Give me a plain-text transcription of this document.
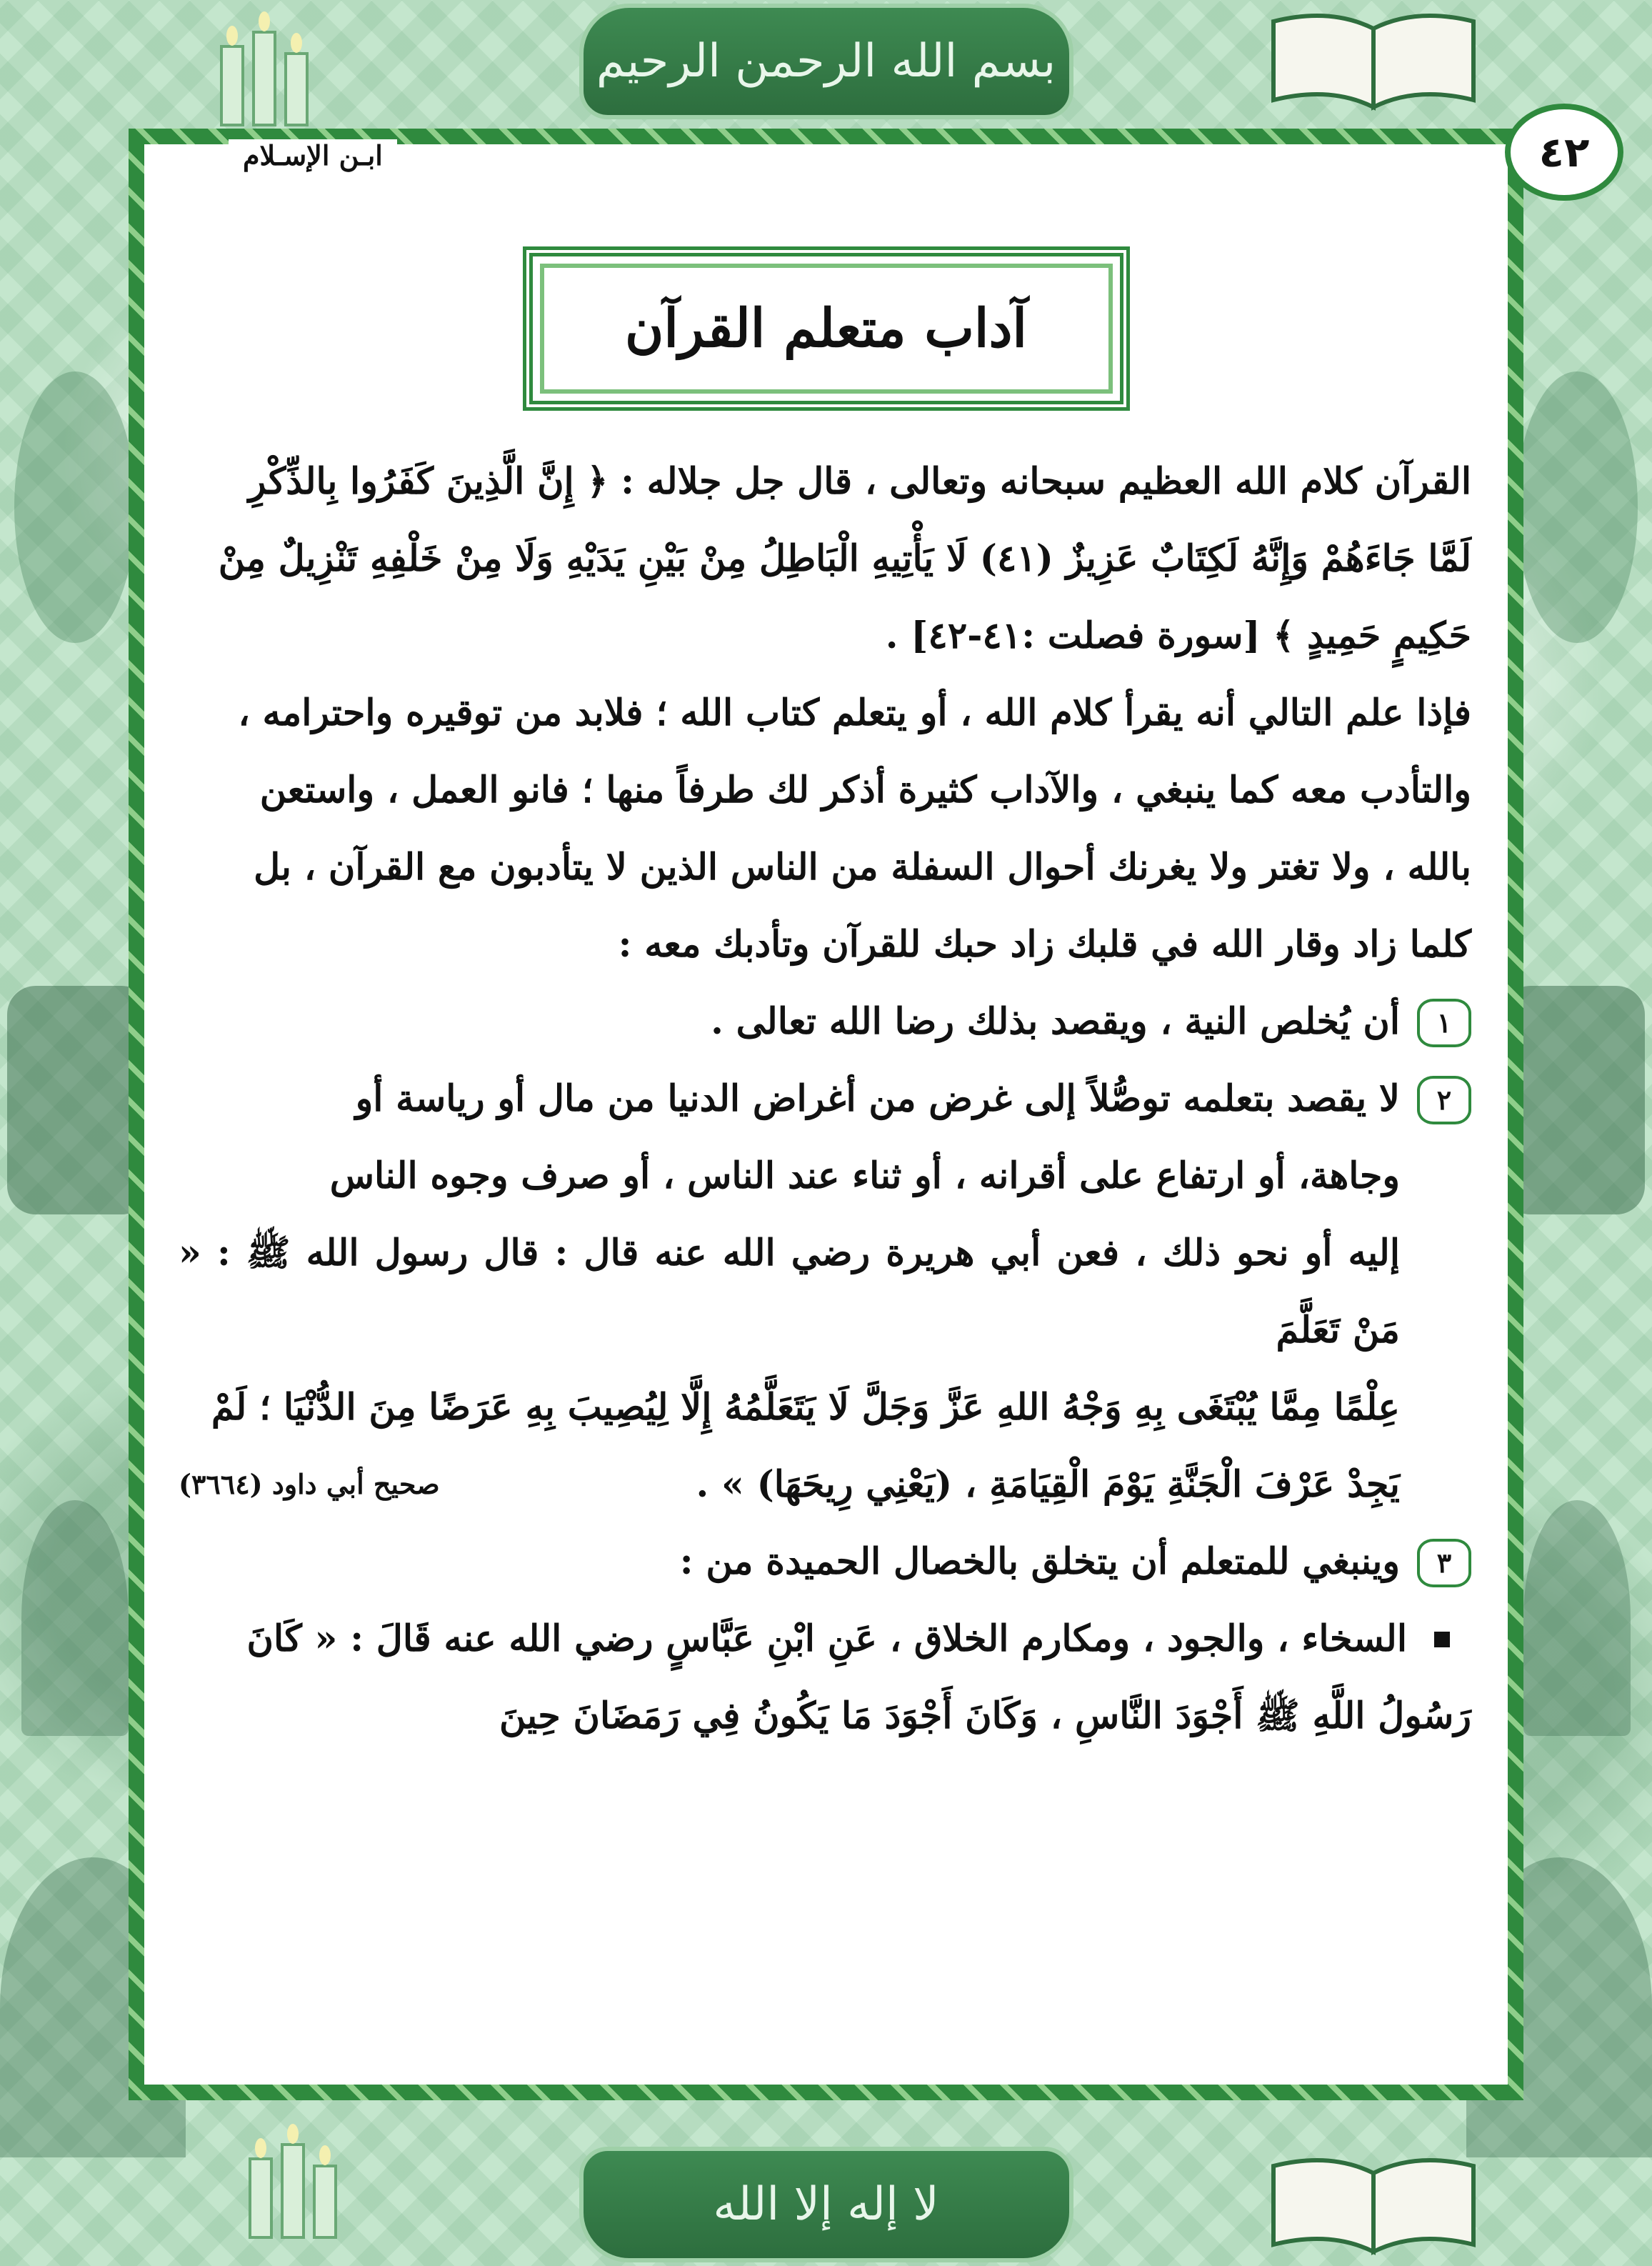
بسم الله الرحمن الرحيم
لا إله إلا الله
٤٢
ابـن الإسـلام
آداب متعلم القرآن

القرآن كلام الله العظيم سبحانه وتعالى ، قال جل جلاله : ﴿ إِنَّ الَّذِينَ كَفَرُوا بِالذِّكْرِ

لَمَّا جَاءَهُمْ وَإِنَّهُ لَكِتَابٌ عَزِيزٌ (٤١) لَا يَأْتِيهِ الْبَاطِلُ مِنْ بَيْنِ يَدَيْهِ وَلَا مِنْ خَلْفِهِ تَنْزِيلٌ مِنْ

حَكِيمٍ حَمِيدٍ ﴾ [سورة فصلت :٤١-٤٢] .

فإذا علم التالي أنه يقرأ كلام الله ، أو يتعلم كتاب الله ؛ فلابد من توقيره واحترامه ،

والتأدب معه كما ينبغي ، والآداب كثيرة أذكر لك طرفاً منها ؛ فانو العمل ، واستعن

بالله ، ولا تغتر ولا يغرنك أحوال السفلة من الناس الذين لا يتأدبون مع القرآن ، بل

كلما زاد وقار الله في قلبك زاد حبك للقرآن وتأدبك معه :

١

أن يُخلص النية ، ويقصد بذلك رضا الله تعالى .

٢

لا يقصد بتعلمه توصُّلاً إلى غرض من أغراض الدنيا من مال أو رياسة أو

وجاهة، أو ارتفاع على أقرانه ، أو ثناء عند الناس ، أو صرف وجوه الناس

إليه أو نحو ذلك ، فعن أبي هريرة رضي الله عنه قال : قال رسول الله ﷺ : « مَنْ تَعَلَّمَ

عِلْمًا مِمَّا يُبْتَغَى بِهِ وَجْهُ اللهِ عَزَّ وَجَلَّ لَا يَتَعَلَّمُهُ إِلَّا لِيُصِيبَ بِهِ عَرَضًا مِنَ الدُّنْيَا ؛ لَمْ

يَجِدْ عَرْفَ الْجَنَّةِ يَوْمَ الْقِيَامَةِ ، (يَعْنِي رِيحَهَا) » .
صحيح أبي داود (٣٦٦٤)
٣

وينبغي للمتعلم أن يتخلق بالخصال الحميدة من :

السخاء ، والجود ، ومكارم الخلاق ، عَنِ ابْنِ عَبَّاسٍ رضي الله عنه قَالَ : « كَانَ

رَسُولُ اللَّهِ ﷺ أَجْوَدَ النَّاسِ ، وَكَانَ أَجْوَدَ مَا يَكُونُ فِي رَمَضَانَ حِينَ
